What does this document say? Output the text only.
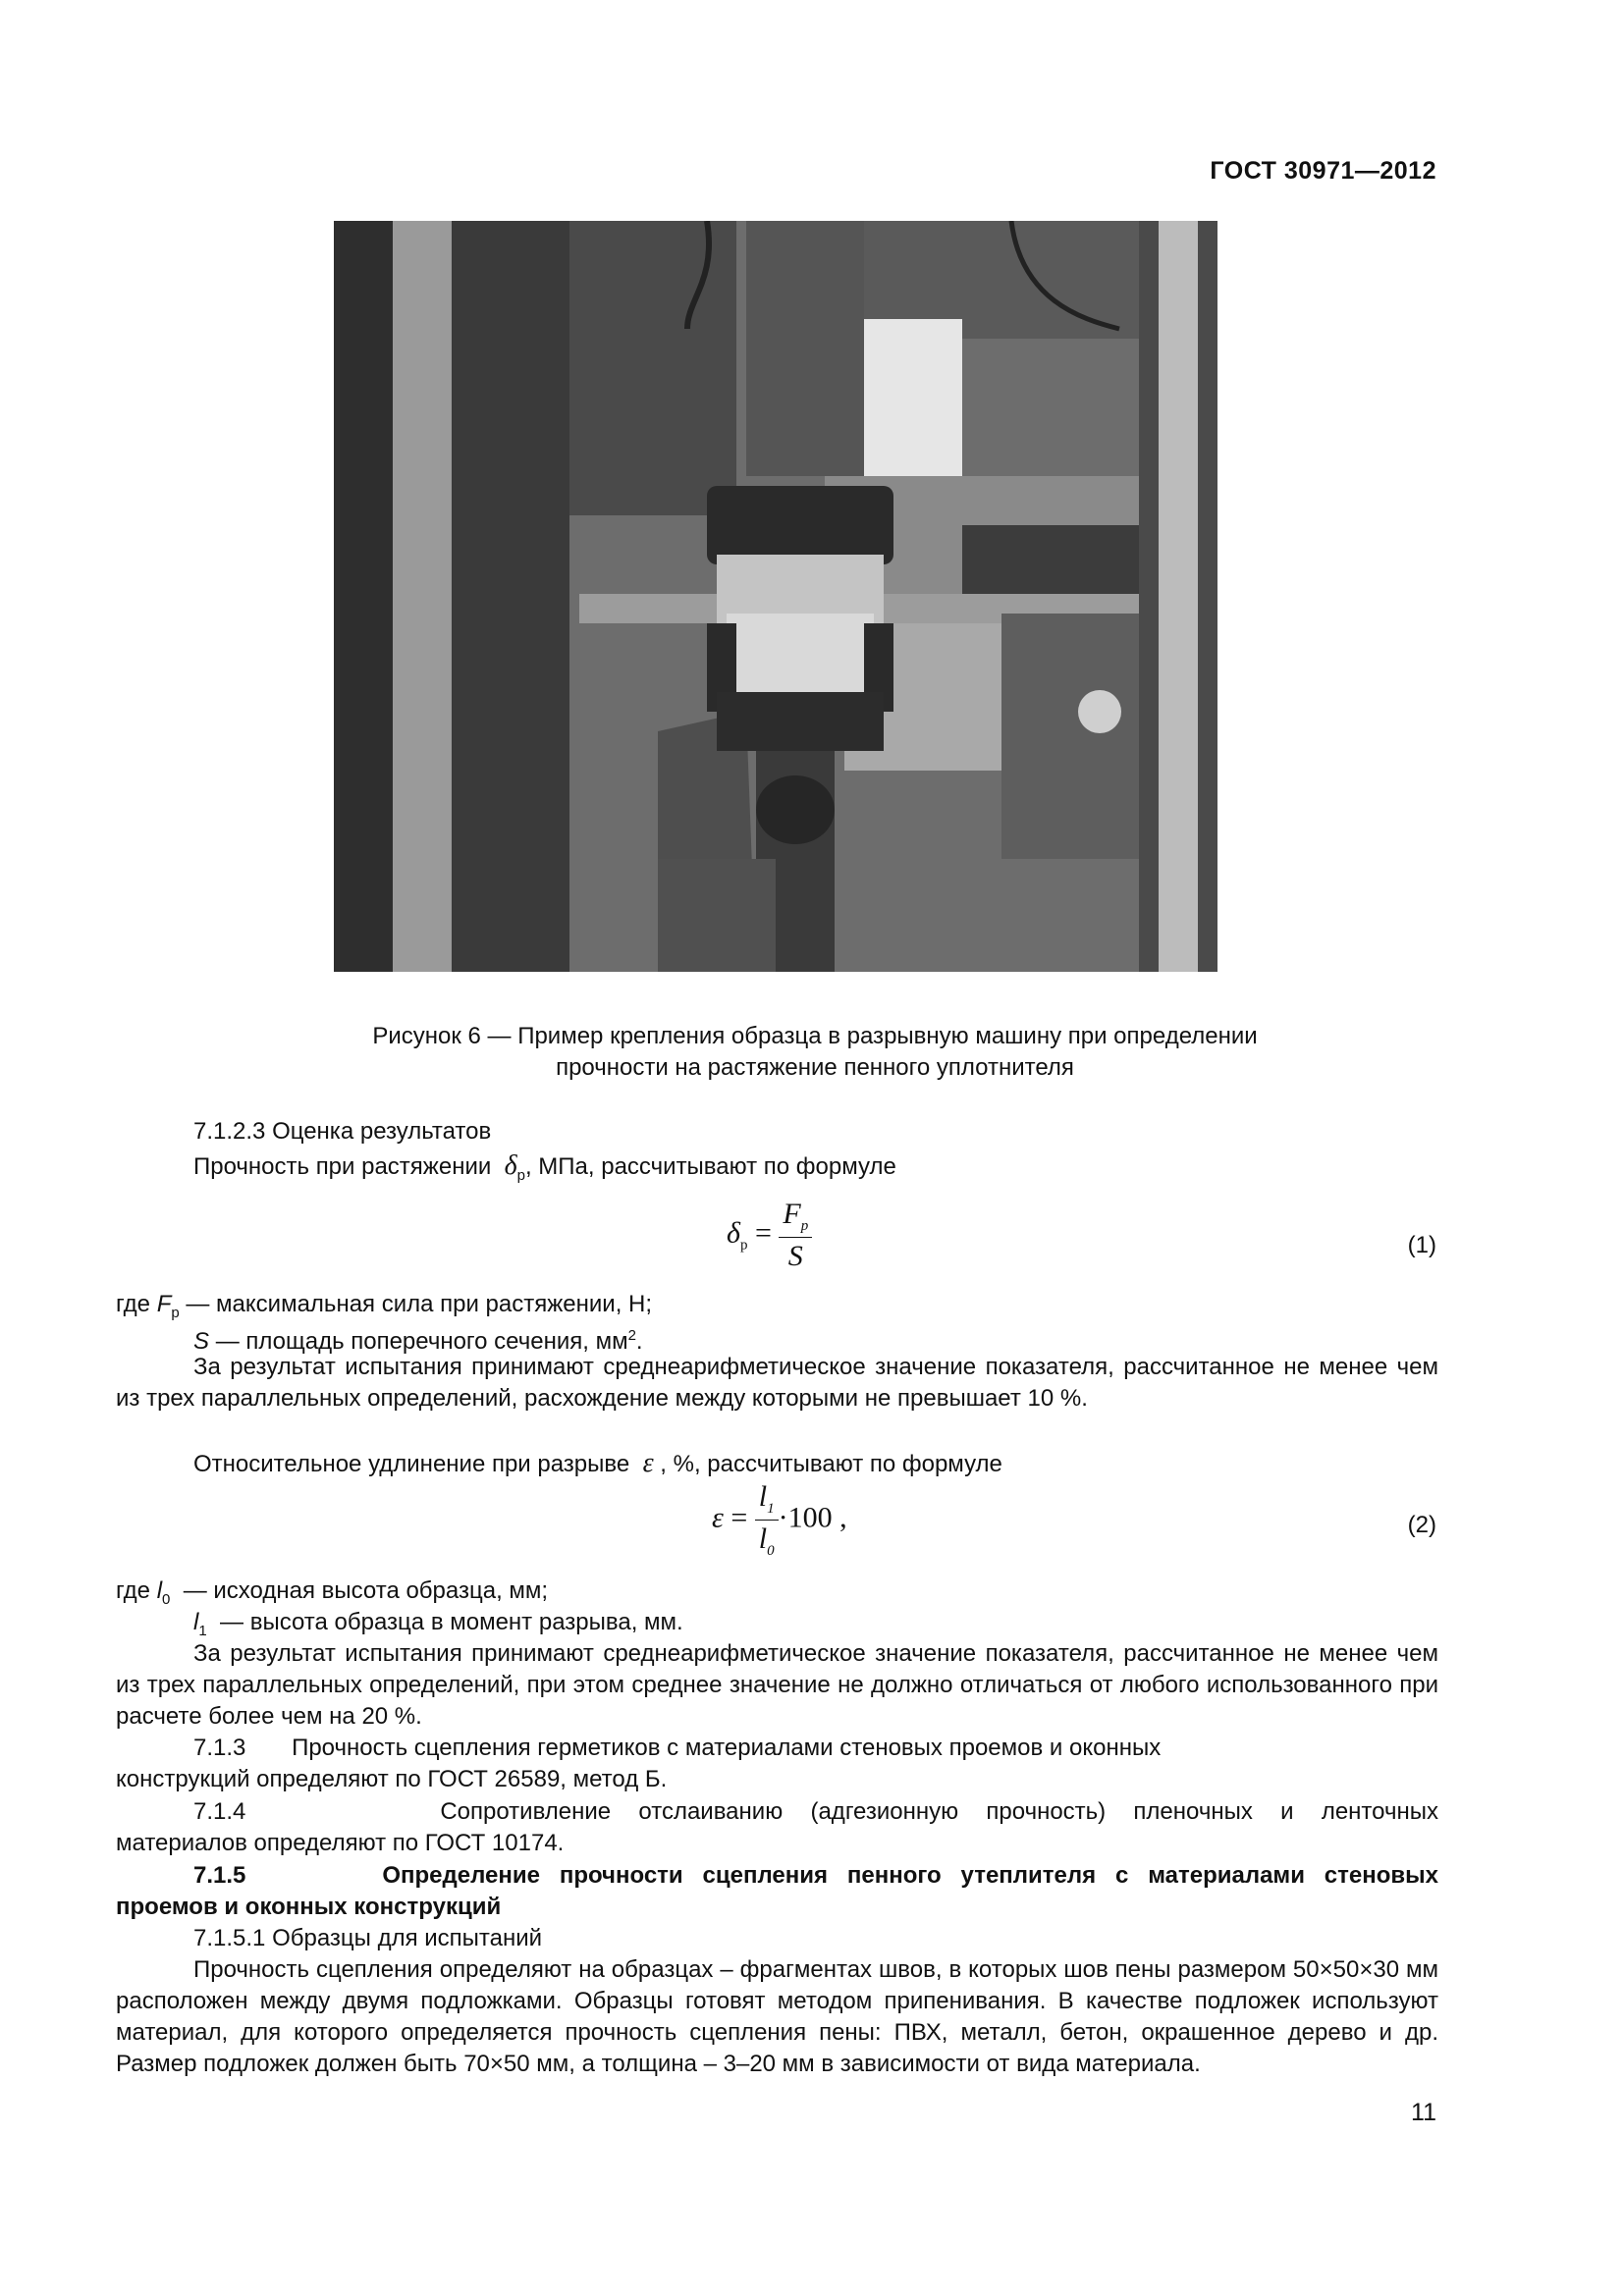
ГОСТ 30971—2012
Рисунок 6 — Пример крепления образца в разрывную машину при определении
прочности на растяжение пенного уплотнителя
7.1.2.3 Оценка результатов
Прочность при растяжении $\delta_р$, МПа, рассчитывают по формуле
$\delta_р = \frac{F_p}{S}$	(1)
где $F_р$ — максимальная сила при растяжении, Н;
S — площадь поперечного сечения, $мм^2$.
За результат испытания принимают среднеарифметическое значение показателя, рассчитанное не менее чем из трех параллельных определений, расхождение между которыми не превышает 10 %.
Относительное удлинение при разрыве ε , %, рассчитывают по формуле
$\varepsilon = \frac{l_1}{l_0} \cdot 100$ ,	(2)
где $l_0$ — исходная высота образца, мм;
$l_1$ — высота образца в момент разрыва, мм.
За результат испытания принимают среднеарифметическое значение показателя, рассчитанное не менее чем из трех параллельных определений, при этом среднее значение не должно отличаться от любого использованного при расчете более чем на 20 %.
7.1.3 Прочность сцепления герметиков с материалами стеновых проемов и оконных
конструкций определяют по ГОСТ 26589, метод Б.
7.1.4	Сопротивление отслаиванию (адгезионную прочность) пленочных и ленточных
материалов определяют по ГОСТ 10174.
7.1.5	Определение прочности сцепления пенного утеплителя с материалами стеновых
проемов и оконных конструкций
7.1.5.1 Образцы для испытаний
Прочность сцепления определяют на образцах – фрагментах швов, в которых шов пены размером 50×50×30 мм расположен между двумя подложками. Образцы готовят методом припенивания. В качестве подложек используют материал, для которого определяется прочность сцепления пены: ПВХ, металл, бетон, окрашенное дерево и др. Размер подложек должен быть 70×50 мм, а толщина – 3–20 мм в зависимости от вида материала.
11
